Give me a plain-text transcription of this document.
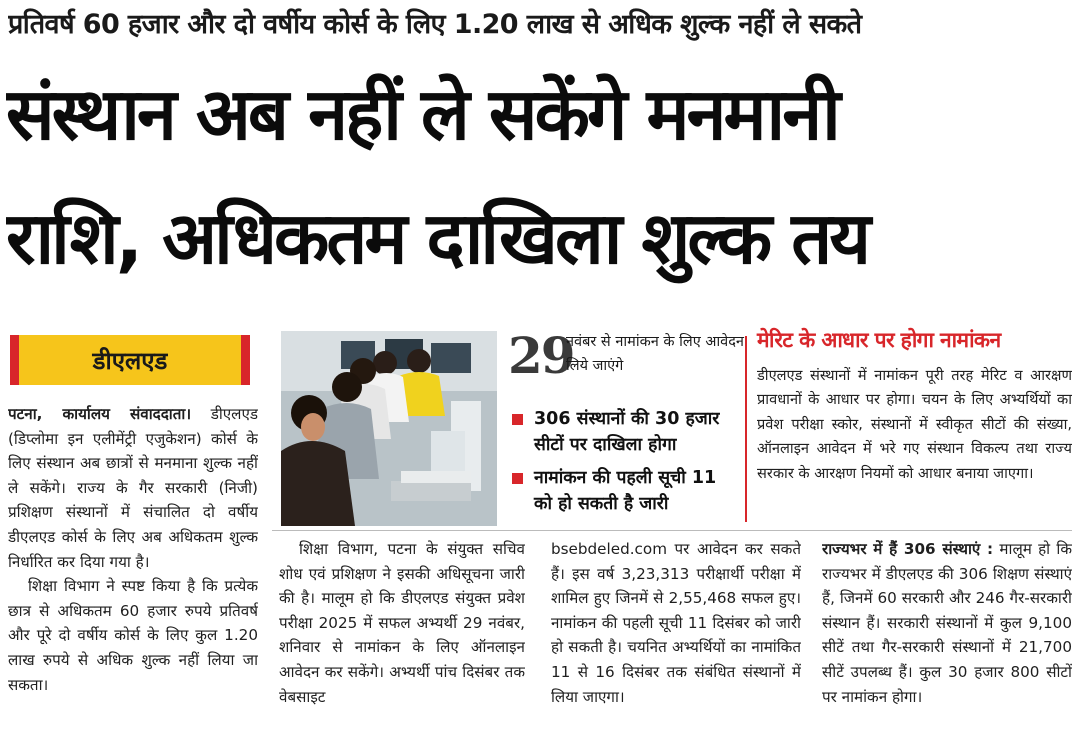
प्रतिवर्ष 60 हजार और दो वर्षीय कोर्स के लिए 1.20 लाख से अधिक शुल्क नहीं ले सकते
संस्थान अब नहीं ले सकेंगे मनमानी
राशि, अधिकतम दाखिला शुल्क तय
डीएलएड

पटना, कार्यालय संवाददाता। डीएलएड (डिप्लोमा इन एलीमेंट्री एजुकेशन) कोर्स के लिए संस्थान अब छात्रों से मनमाना शुल्क नहीं ले सकेंगे। राज्य के गैर सरकारी (निजी) प्रशिक्षण संस्थानों में संचालित दो वर्षीय डीएलएड कोर्स के लिए अब अधिकतम शुल्क निर्धारित कर दिया गया है।

शिक्षा विभाग ने स्पष्ट किया है कि प्रत्येक छात्र से अधिकतम 60 हजार रुपये प्रतिवर्ष और पूरे दो वर्षीय कोर्स के लिए कुल 1.20 लाख रुपये से अधिक शुल्क नहीं लिया जा सकता।

29
नवंबर से नामांकन के लिए आवेदन लिये जाएंगे
306 संस्थानों की 30 हजार सीटों पर दाखिला होगा
नामांकन की पहली सूची 11 को हो सकती है जारी
मेरिट के आधार पर होगा नामांकन
डीएलएड संस्थानों में नामांकन पूरी तरह मेरिट व आरक्षण प्रावधानों के आधार पर होगा। चयन के लिए अभ्यर्थियों का प्रवेश परीक्षा स्कोर, संस्थानों में स्वीकृत सीटों की संख्या, ऑनलाइन आवेदन में भरे गए संस्थान विकल्प तथा राज्य सरकार के आरक्षण नियमों को आधार बनाया जाएगा।

शिक्षा विभाग, पटना के संयुक्त सचिव शोध एवं प्रशिक्षण ने इसकी अधिसूचना जारी की है। मालूम हो कि डीएलएड संयुक्त प्रवेश परीक्षा 2025 में सफल अभ्यर्थी 29 नवंबर, शनिवार से नामांकन के लिए ऑनलाइन आवेदन कर सकेंगे। अभ्यर्थी पांच दिसंबर तक वेबसाइट

bsebdeled.com पर आवेदन कर सकते हैं। इस वर्ष 3,23,313 परीक्षार्थी परीक्षा में शामिल हुए जिनमें से 2,55,468 सफल हुए। नामांकन की पहली सूची 11 दिसंबर को जारी हो सकती है। चयनित अभ्यर्थियों का नामांकित 11 से 16 दिसंबर तक संबंधित संस्थानों में लिया जाएगा।

राज्यभर में हैं 306 संस्थाएं : मालूम हो कि राज्यभर में डीएलएड की 306 शिक्षण संस्थाएं हैं, जिनमें 60 सरकारी और 246 गैर-सरकारी संस्थान हैं। सरकारी संस्थानों में कुल 9,100 सीटें तथा गैर-सरकारी संस्थानों में 21,700 सीटें उपलब्ध हैं। कुल 30 हजार 800 सीटों पर नामांकन होगा।
